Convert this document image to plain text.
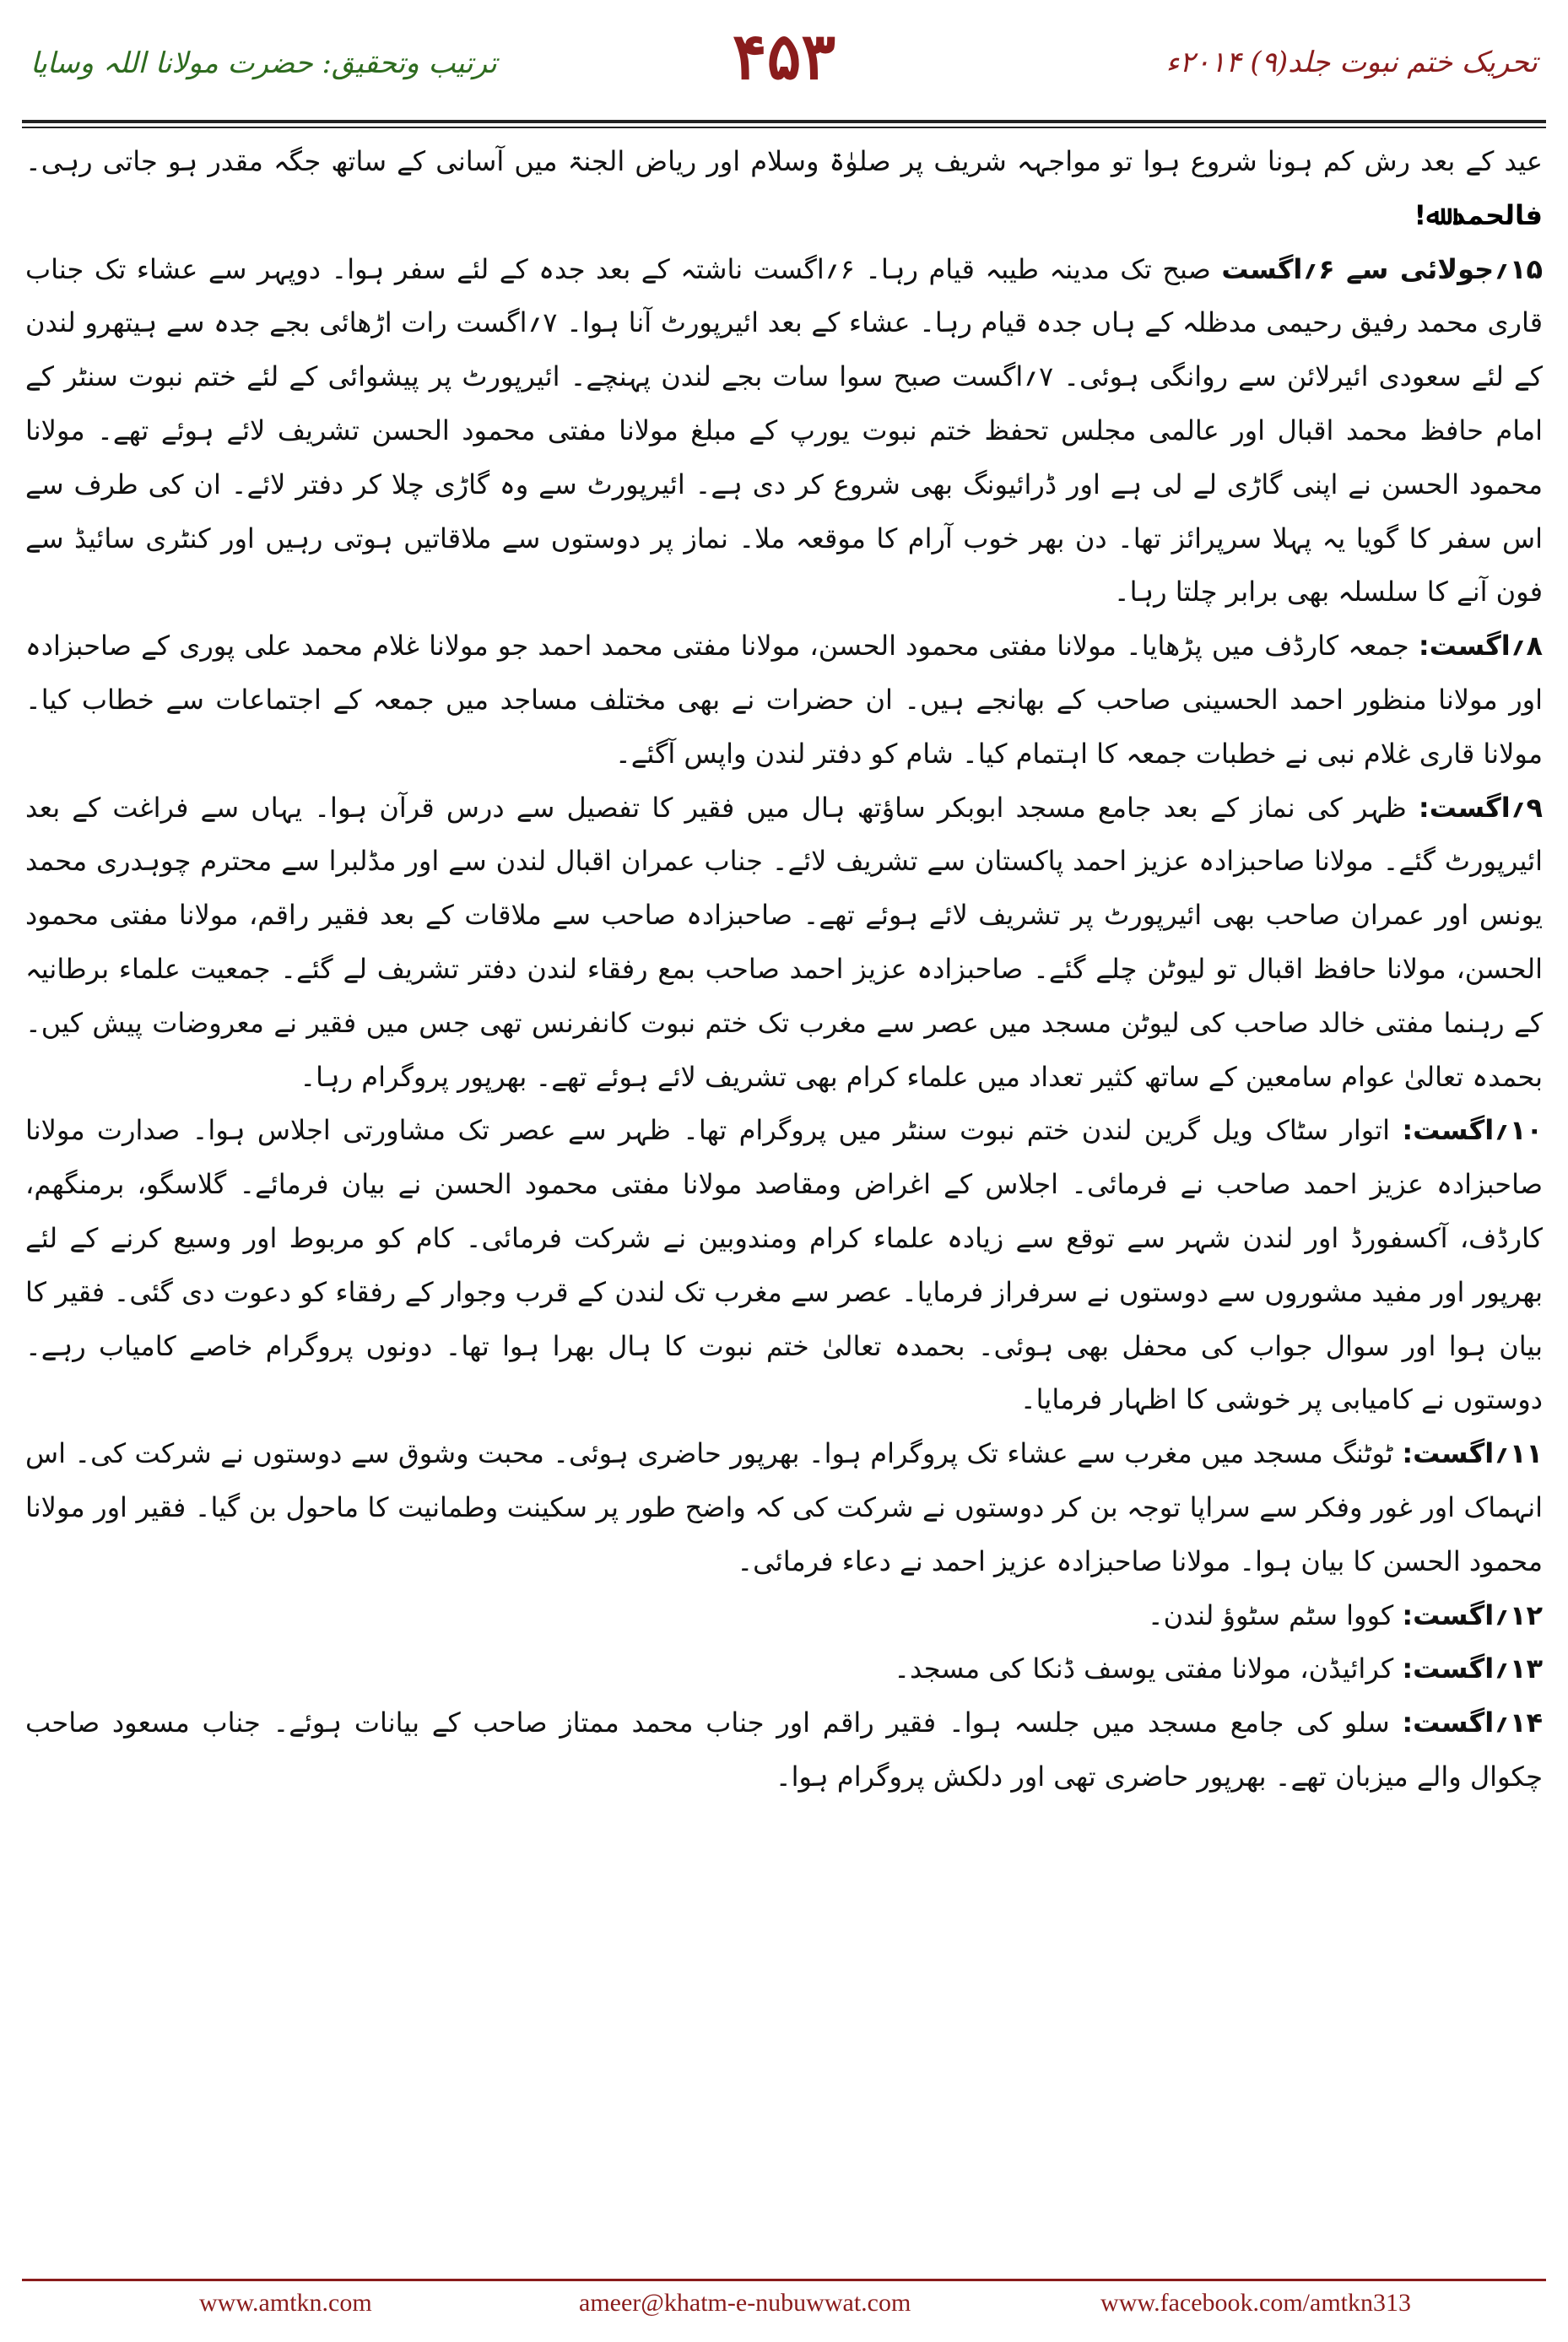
ترتیب وتحقیق: حضرت مولانا اللہ وسایا	۴۵۳	تحریک ختم نبوت جلد(۹) ۲۰۱۴ء

عید کے بعد رش کم ہونا شروع ہوا تو مواجہہ شریف پر صلوٰۃ وسلام اور ریاض الجنۃ میں آسانی کے ساتھ جگہ مقدر ہو جاتی رہی۔ فالحمد ﷲ!

۱۵؍جولائی سے ۶؍اگست صبح تک مدینہ طیبہ قیام رہا۔ ۶؍اگست ناشتہ کے بعد جدہ کے لئے سفر ہوا۔ دوپہر سے عشاء تک جناب قاری محمد رفیق رحیمی مدظلہ کے ہاں جدہ قیام رہا۔ عشاء کے بعد ائیرپورٹ آنا ہوا۔ ۷؍اگست رات اڑھائی بجے جدہ سے ہیتھرو لندن کے لئے سعودی ائیرلائن سے روانگی ہوئی۔ ۷؍اگست صبح سوا سات بجے لندن پہنچے۔ ائیرپورٹ پر پیشوائی کے لئے ختم نبوت سنٹر کے امام حافظ محمد اقبال اور عالمی مجلس تحفظ ختم نبوت یورپ کے مبلغ مولانا مفتی محمود الحسن تشریف لائے ہوئے تھے۔ مولانا محمود الحسن نے اپنی گاڑی لے لی ہے اور ڈرائیونگ بھی شروع کر دی ہے۔ ائیرپورٹ سے وہ گاڑی چلا کر دفتر لائے۔ ان کی طرف سے اس سفر کا گویا یہ پہلا سرپرائز تھا۔ دن بھر خوب آرام کا موقعہ ملا۔ نماز پر دوستوں سے ملاقاتیں ہوتی رہیں اور کنٹری سائیڈ سے فون آنے کا سلسلہ بھی برابر چلتا رہا۔

۸؍اگست: جمعہ کارڈف میں پڑھایا۔ مولانا مفتی محمود الحسن، مولانا مفتی محمد احمد جو مولانا غلام محمد علی پوری کے صاحبزادہ اور مولانا منظور احمد الحسینی صاحب کے بھانجے ہیں۔ ان حضرات نے بھی مختلف مساجد میں جمعہ کے اجتماعات سے خطاب کیا۔ مولانا قاری غلام نبی نے خطبات جمعہ کا اہتمام کیا۔ شام کو دفتر لندن واپس آگئے۔

۹؍اگست: ظہر کی نماز کے بعد جامع مسجد ابوبکر ساؤتھ ہال میں فقیر کا تفصیل سے درس قرآن ہوا۔ یہاں سے فراغت کے بعد ائیرپورٹ گئے۔ مولانا صاحبزادہ عزیز احمد پاکستان سے تشریف لائے۔ جناب عمران اقبال لندن سے اور مڈلبرا سے محترم چوہدری محمد یونس اور عمران صاحب بھی ائیرپورٹ پر تشریف لائے ہوئے تھے۔ صاحبزادہ صاحب سے ملاقات کے بعد فقیر راقم، مولانا مفتی محمود الحسن، مولانا حافظ اقبال تو لیوٹن چلے گئے۔ صاحبزادہ عزیز احمد صاحب بمع رفقاء لندن دفتر تشریف لے گئے۔ جمعیت علماء برطانیہ کے رہنما مفتی خالد صاحب کی لیوٹن مسجد میں عصر سے مغرب تک ختم نبوت کانفرنس تھی جس میں فقیر نے معروضات پیش کیں۔ بحمدہ تعالیٰ عوام سامعین کے ساتھ کثیر تعداد میں علماء کرام بھی تشریف لائے ہوئے تھے۔ بھرپور پروگرام رہا۔

۱۰؍اگست: اتوار سٹاک ویل گرین لندن ختم نبوت سنٹر میں پروگرام تھا۔ ظہر سے عصر تک مشاورتی اجلاس ہوا۔ صدارت مولانا صاحبزادہ عزیز احمد صاحب نے فرمائی۔ اجلاس کے اغراض ومقاصد مولانا مفتی محمود الحسن نے بیان فرمائے۔ گلاسگو، برمنگھم، کارڈف، آکسفورڈ اور لندن شہر سے توقع سے زیادہ علماء کرام ومندوبین نے شرکت فرمائی۔ کام کو مربوط اور وسیع کرنے کے لئے بھرپور اور مفید مشوروں سے دوستوں نے سرفراز فرمایا۔ عصر سے مغرب تک لندن کے قرب وجوار کے رفقاء کو دعوت دی گئی۔ فقیر کا بیان ہوا اور سوال جواب کی محفل بھی ہوئی۔ بحمدہ تعالیٰ ختم نبوت کا ہال بھرا ہوا تھا۔ دونوں پروگرام خاصے کامیاب رہے۔ دوستوں نے کامیابی پر خوشی کا اظہار فرمایا۔

۱۱؍اگست: ٹوٹنگ مسجد میں مغرب سے عشاء تک پروگرام ہوا۔ بھرپور حاضری ہوئی۔ محبت وشوق سے دوستوں نے شرکت کی۔ اس انہماک اور غور وفکر سے سراپا توجہ بن کر دوستوں نے شرکت کی کہ واضح طور پر سکینت وطمانیت کا ماحول بن گیا۔ فقیر اور مولانا محمود الحسن کا بیان ہوا۔ مولانا صاحبزادہ عزیز احمد نے دعاء فرمائی۔

۱۲؍اگست: کووا سٹم سٹوؤ لندن۔

۱۳؍اگست: کرائیڈن، مولانا مفتی یوسف ڈنکا کی مسجد۔

۱۴؍اگست: سلو کی جامع مسجد میں جلسہ ہوا۔ فقیر راقم اور جناب محمد ممتاز صاحب کے بیانات ہوئے۔ جناب مسعود صاحب چکوال والے میزبان تھے۔ بھرپور حاضری تھی اور دلکش پروگرام ہوا۔

www.amtkn.com	ameer@khatm-e-nubuwwat.com	www.facebook.com/amtkn313
